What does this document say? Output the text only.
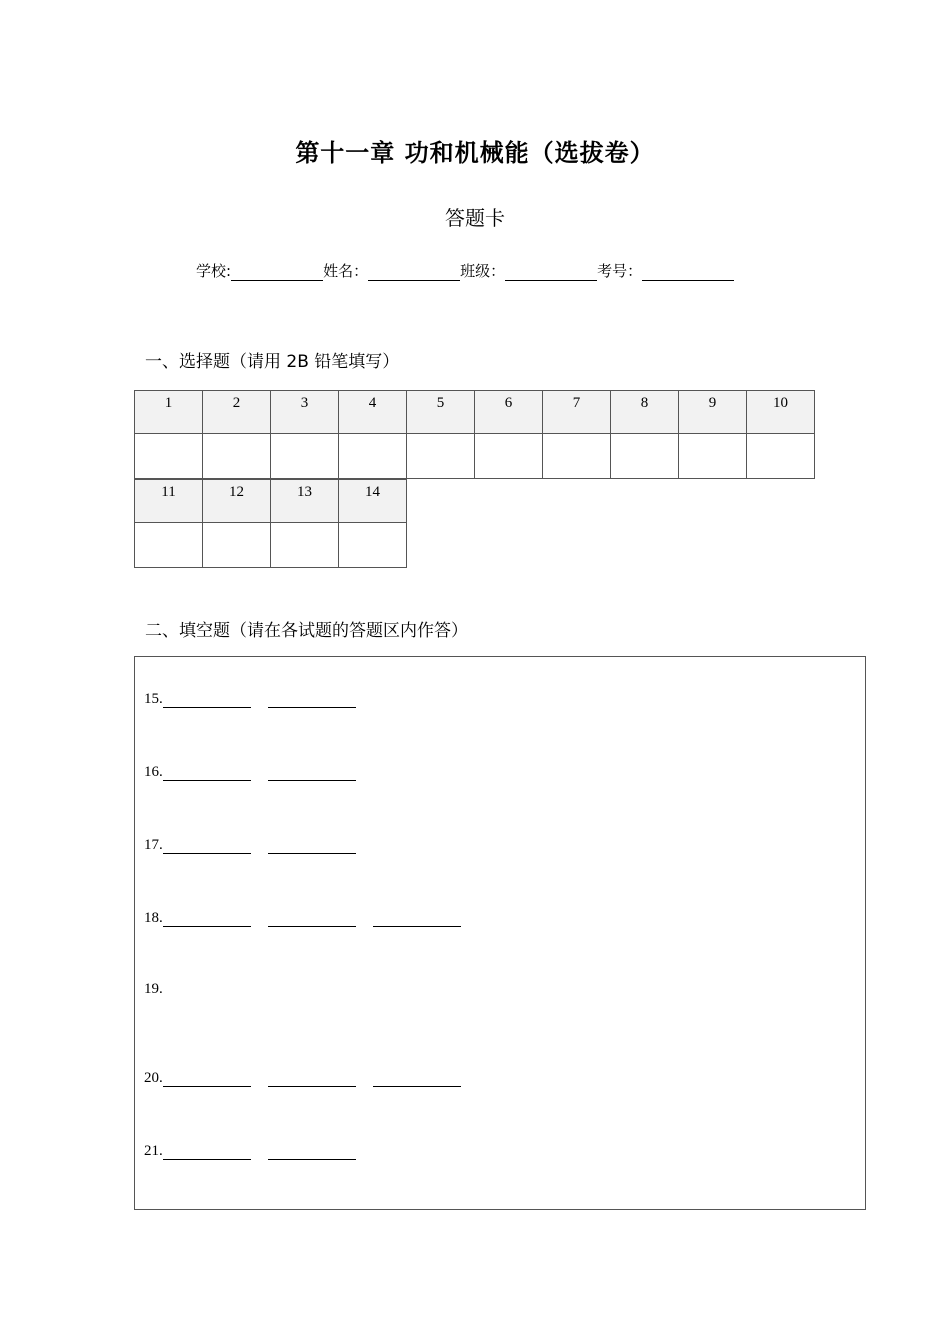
第十一章 功和机械能（选拔卷）
答题卡
学校:	姓名：	班级：	考号：
一、选择题（请用 2B 铅笔填写）
1	2	3	4	5	6	7	8	9	10

11	12	13	14

二、填空题（请在各试题的答题区内作答）
15.
16.
17.
18.
19.
20.
21.
